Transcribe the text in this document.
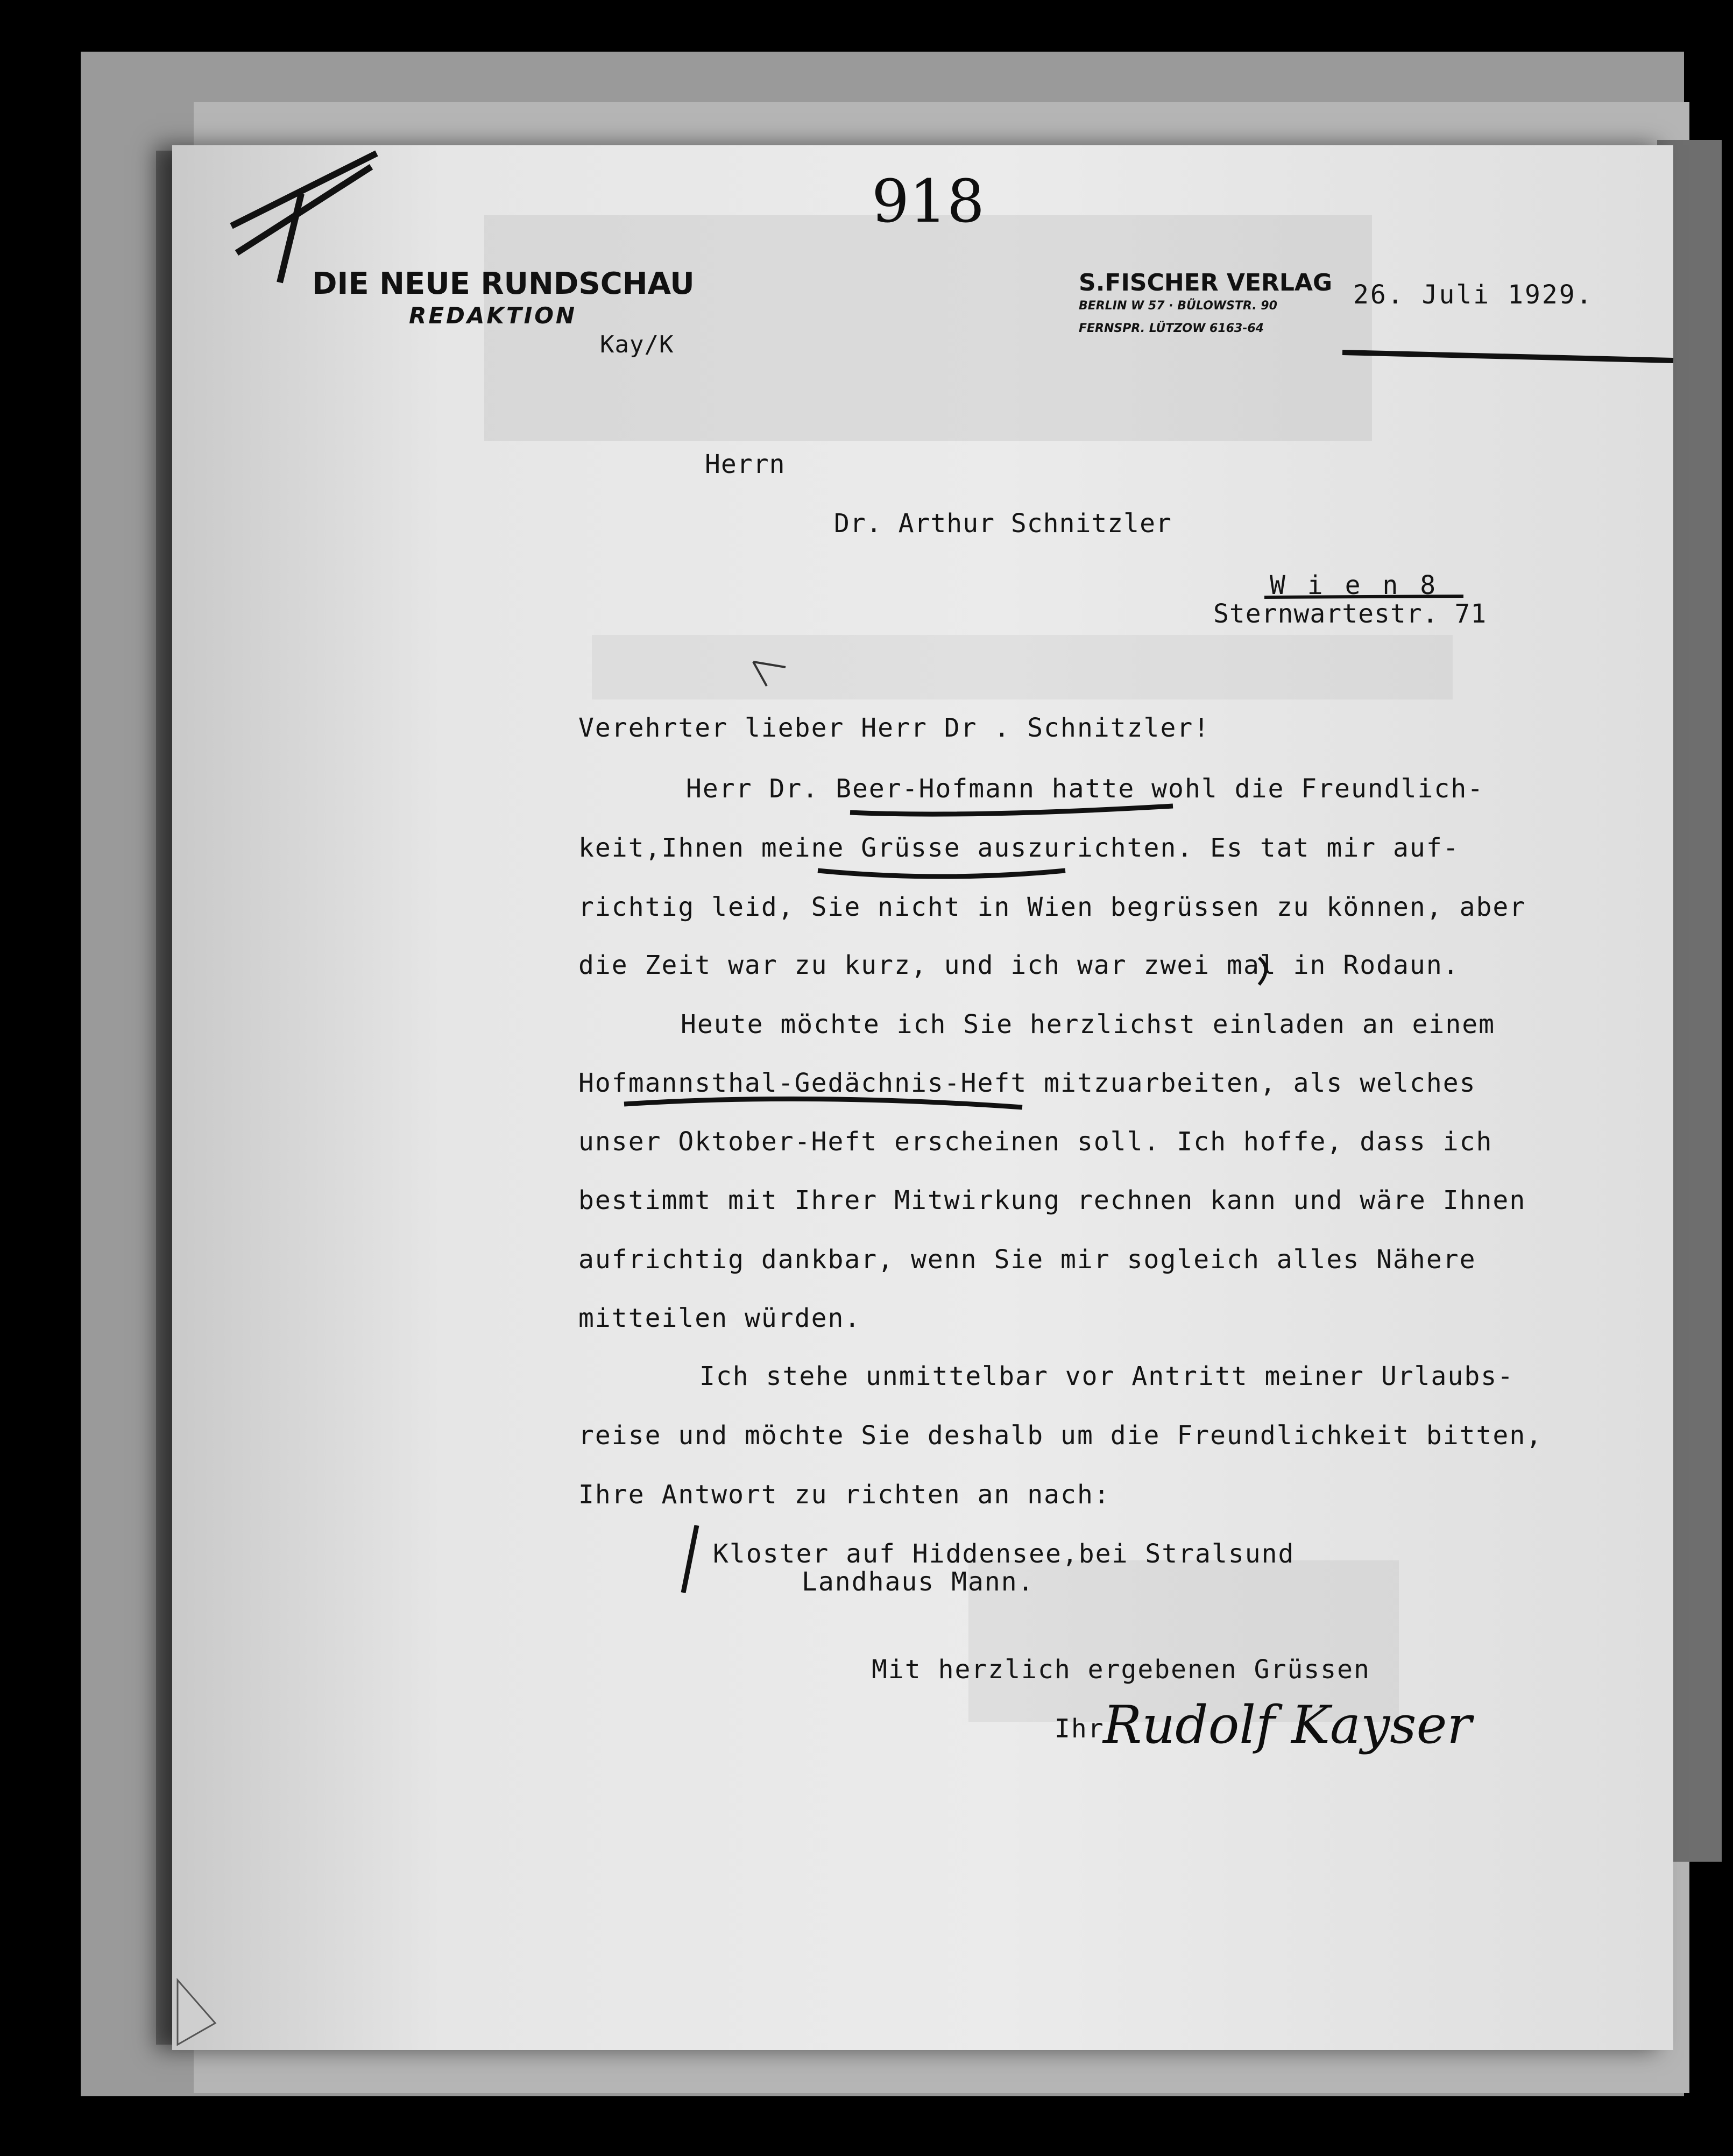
918
DIE NEUE RUNDSCHAU
REDAKTION
Kay/K
S.FISCHER VERLAG
BERLIN W 57 · BÜLOWSTR. 90
FERNSPR. LÜTZOW 6163-64
26. Juli 1929.
Herrn
Dr. Arthur Schnitzler
W i e n 8
Sternwartestr. 71
Verehrter lieber Herr Dr . Schnitzler!
Herr Dr. Beer-Hofmann hatte wohl die Freundlich-
keit,Ihnen meine Grüsse auszurichten. Es tat mir auf-
richtig leid, Sie nicht in Wien begrüssen zu können, aber
die Zeit war zu kurz, und ich war zwei mal in Rodaun.
Heute möchte ich Sie herzlichst einladen an einem
Hofmannsthal-Gedächnis-Heft mitzuarbeiten, als welches
unser Oktober-Heft erscheinen soll. Ich hoffe, dass ich
bestimmt mit Ihrer Mitwirkung rechnen kann und wäre Ihnen
aufrichtig dankbar, wenn Sie mir sogleich alles Nähere
mitteilen würden.
Ich stehe unmittelbar vor Antritt meiner Urlaubs-
reise und möchte Sie deshalb um die Freundlichkeit bitten,
Ihre Antwort zu richten an nach:
Kloster auf Hiddensee,bei Stralsund
Landhaus Mann.
Mit herzlich ergebenen Grüssen
Ihr
Rudolf Kayser
